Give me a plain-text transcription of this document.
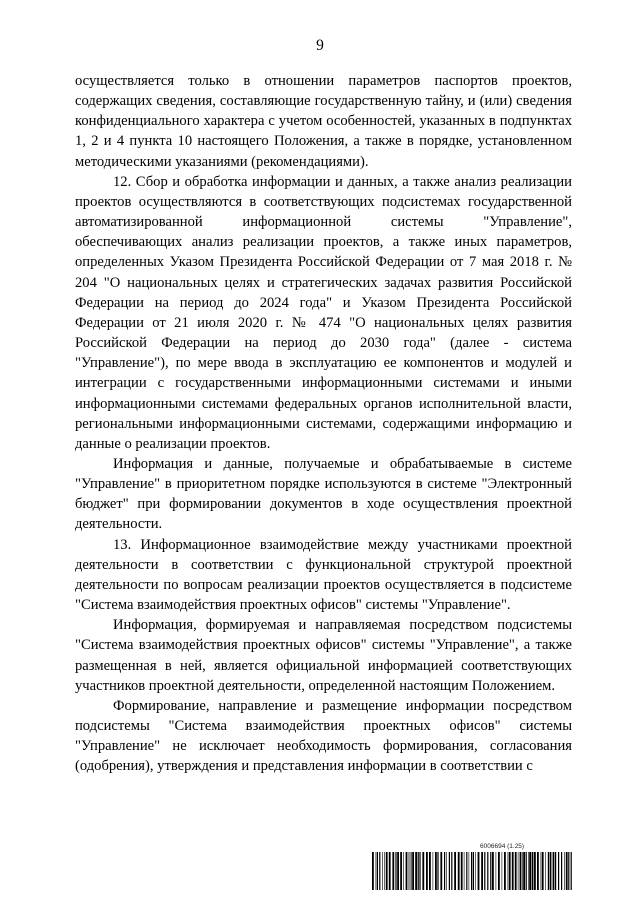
9

осуществляется только в отношении параметров паспортов проектов, содержащих сведения, составляющие государственную тайну, и (или) сведения конфиденциального характера с учетом особенностей, указанных в подпунктах 1, 2 и 4 пункта 10 настоящего Положения, а также в порядке, установленном методическими указаниями (рекомендациями).

12. Сбор и обработка информации и данных, а также анализ реализации проектов осуществляются в соответствующих подсистемах государственной автоматизированной информационной системы "Управление", обеспечивающих анализ реализации проектов, а также иных параметров, определенных Указом Президента Российской Федерации от 7 мая 2018 г. № 204 "О национальных целях и стратегических задачах развития Российской Федерации на период до 2024 года" и Указом Президента Российской Федерации от 21 июля 2020 г. № 474 "О национальных целях развития Российской Федерации на период до 2030 года" (далее - система "Управление"), по мере ввода в эксплуатацию ее компонентов и модулей и интеграции с государственными информационными системами и иными информационными системами федеральных органов исполнительной власти, региональными информационными системами, содержащими информацию и данные о реализации проектов.

Информация и данные, получаемые и обрабатываемые в системе "Управление" в приоритетном порядке используются в системе "Электронный бюджет" при формировании документов в ходе осуществления проектной деятельности.

13. Информационное взаимодействие между участниками проектной деятельности в соответствии с функциональной структурой проектной деятельности по вопросам реализации проектов осуществляется в подсистеме "Система взаимодействия проектных офисов" системы "Управление".

Информация, формируемая и направляемая посредством подсистемы "Система взаимодействия проектных офисов" системы "Управление", а также размещенная в ней, является официальной информацией соответствующих участников проектной деятельности, определенной настоящим Положением.

Формирование, направление и размещение информации посредством подсистемы "Система взаимодействия проектных офисов" системы "Управление" не исключает необходимость формирования, согласования (одобрения), утверждения и представления информации в соответствии с

6006694 (1.25)
